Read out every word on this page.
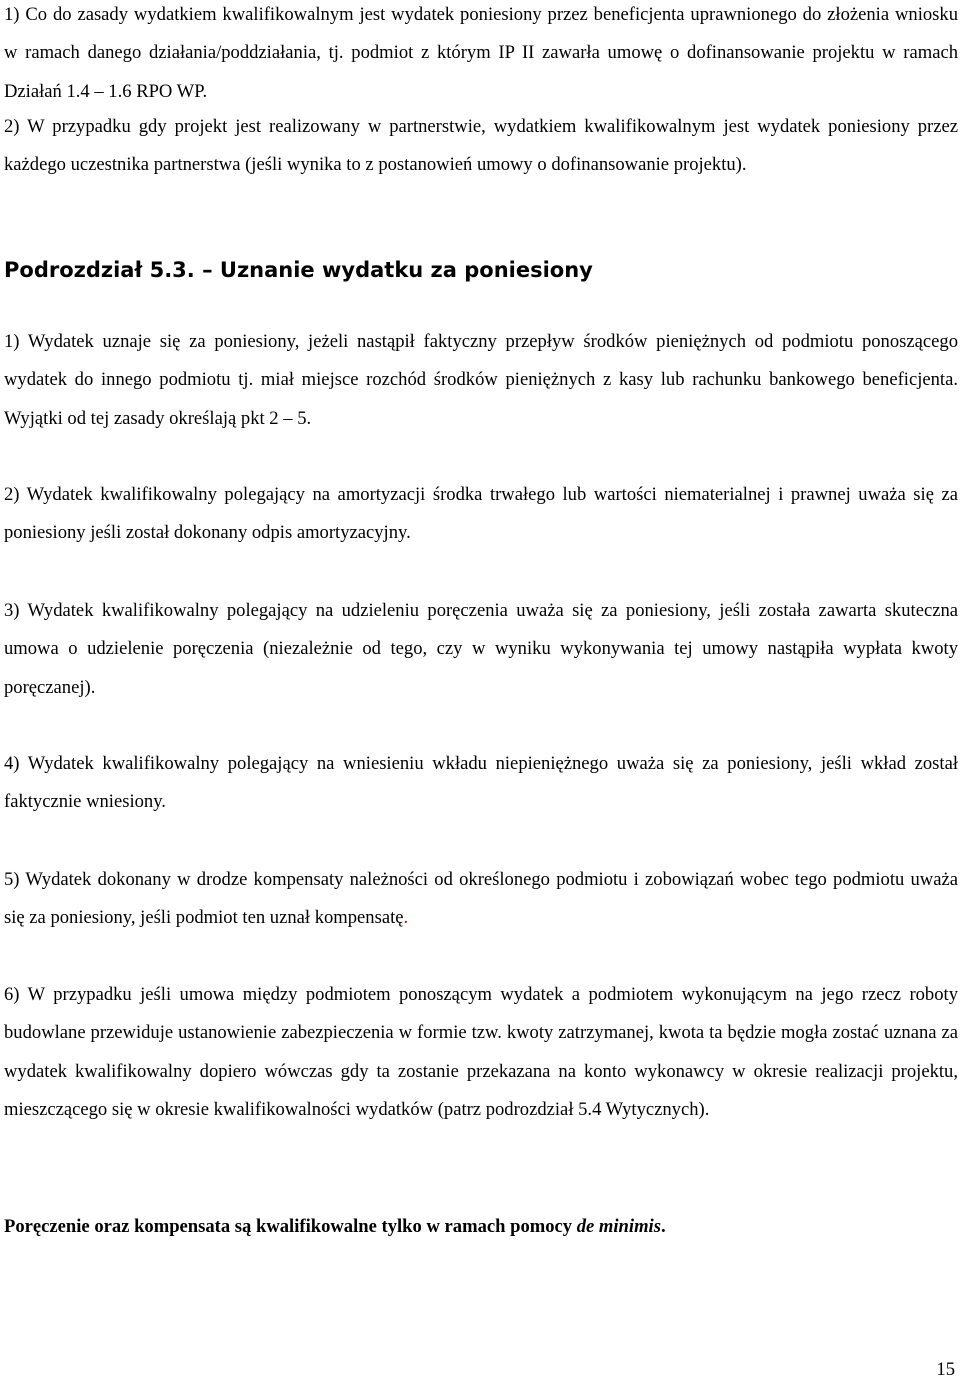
1) Co do zasady wydatkiem kwalifikowalnym jest wydatek poniesiony przez beneficjenta uprawnionego do złożenia wniosku w ramach danego działania/poddziałania, tj. podmiot z którym IP II zawarła umowę o dofinansowanie projektu w ramach Działań 1.4 – 1.6 RPO WP.

2) W przypadku gdy projekt jest realizowany w partnerstwie, wydatkiem kwalifikowalnym jest wydatek poniesiony przez każdego uczestnika partnerstwa (jeśli wynika to z postanowień umowy o dofinansowanie projektu).

Podrozdział 5.3. – Uznanie wydatku za poniesiony

1) Wydatek uznaje się za poniesiony, jeżeli nastąpił faktyczny przepływ środków pieniężnych od podmiotu ponoszącego wydatek do innego podmiotu tj. miał miejsce rozchód środków pieniężnych z kasy lub rachunku bankowego beneficjenta. Wyjątki od tej zasady określają pkt 2 – 5.

2) Wydatek kwalifikowalny polegający na amortyzacji środka trwałego lub wartości niematerialnej i prawnej uważa się za poniesiony jeśli został dokonany odpis amortyzacyjny.

3) Wydatek kwalifikowalny polegający na udzieleniu poręczenia uważa się za poniesiony, jeśli została zawarta skuteczna umowa o udzielenie poręczenia (niezależnie od tego, czy w wyniku wykonywania tej umowy nastąpiła wypłata kwoty poręczanej).

4) Wydatek kwalifikowalny polegający na wniesieniu wkładu niepieniężnego uważa się za poniesiony, jeśli wkład został faktycznie wniesiony.

5) Wydatek dokonany w drodze kompensaty należności od określonego podmiotu i zobowiązań wobec tego podmiotu uważa się za poniesiony, jeśli podmiot ten uznał kompensatę.

6) W przypadku jeśli umowa między podmiotem ponoszącym wydatek a podmiotem wykonującym na jego rzecz roboty budowlane przewiduje ustanowienie zabezpieczenia w formie tzw. kwoty zatrzymanej, kwota ta będzie mogła zostać uznana za wydatek kwalifikowalny dopiero wówczas gdy ta zostanie przekazana na konto wykonawcy w okresie realizacji projektu, mieszczącego się w okresie kwalifikowalności wydatków (patrz podrozdział 5.4 Wytycznych).

Poręczenie oraz kompensata są kwalifikowalne tylko w ramach pomocy de minimis.

15
